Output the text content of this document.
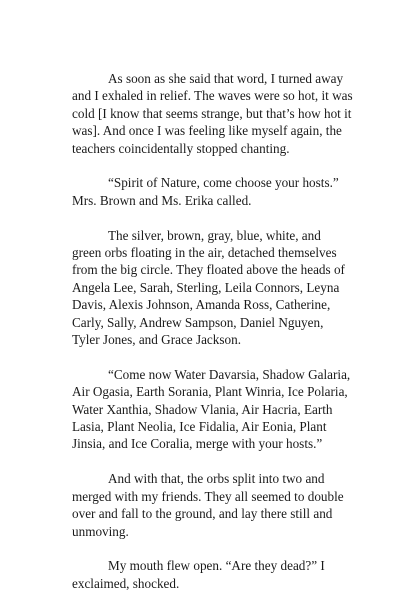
As soon as she said that word, I turned away and I exhaled in relief. The waves were so hot, it was cold [I know that seems strange, but that’s how hot it was]. And once I was feeling like myself again, the teachers coincidentally stopped chanting.

“Spirit of Nature, come choose your hosts.” Mrs. Brown and Ms. Erika called.

The silver, brown, gray, blue, white, and green orbs floating in the air, detached themselves from the big circle. They floated above the heads of Angela Lee, Sarah, Sterling, Leila Connors, Leyna Davis, Alexis Johnson, Amanda Ross, Catherine, Carly, Sally, Andrew Sampson, Daniel Nguyen, Tyler Jones, and Grace Jackson.

“Come now Water Davarsia, Shadow Galaria, Air Ogasia, Earth Sorania, Plant Winria, Ice Polaria, Water Xanthia, Shadow Vlania, Air Hacria, Earth Lasia, Plant Neolia, Ice Fidalia, Air Eonia, Plant Jinsia, and Ice Coralia, merge with your hosts.”

And with that, the orbs split into two and merged with my friends. They all seemed to double over and fall to the ground, and lay there still and unmoving.

My mouth flew open. “Are they dead?” I exclaimed, shocked.
